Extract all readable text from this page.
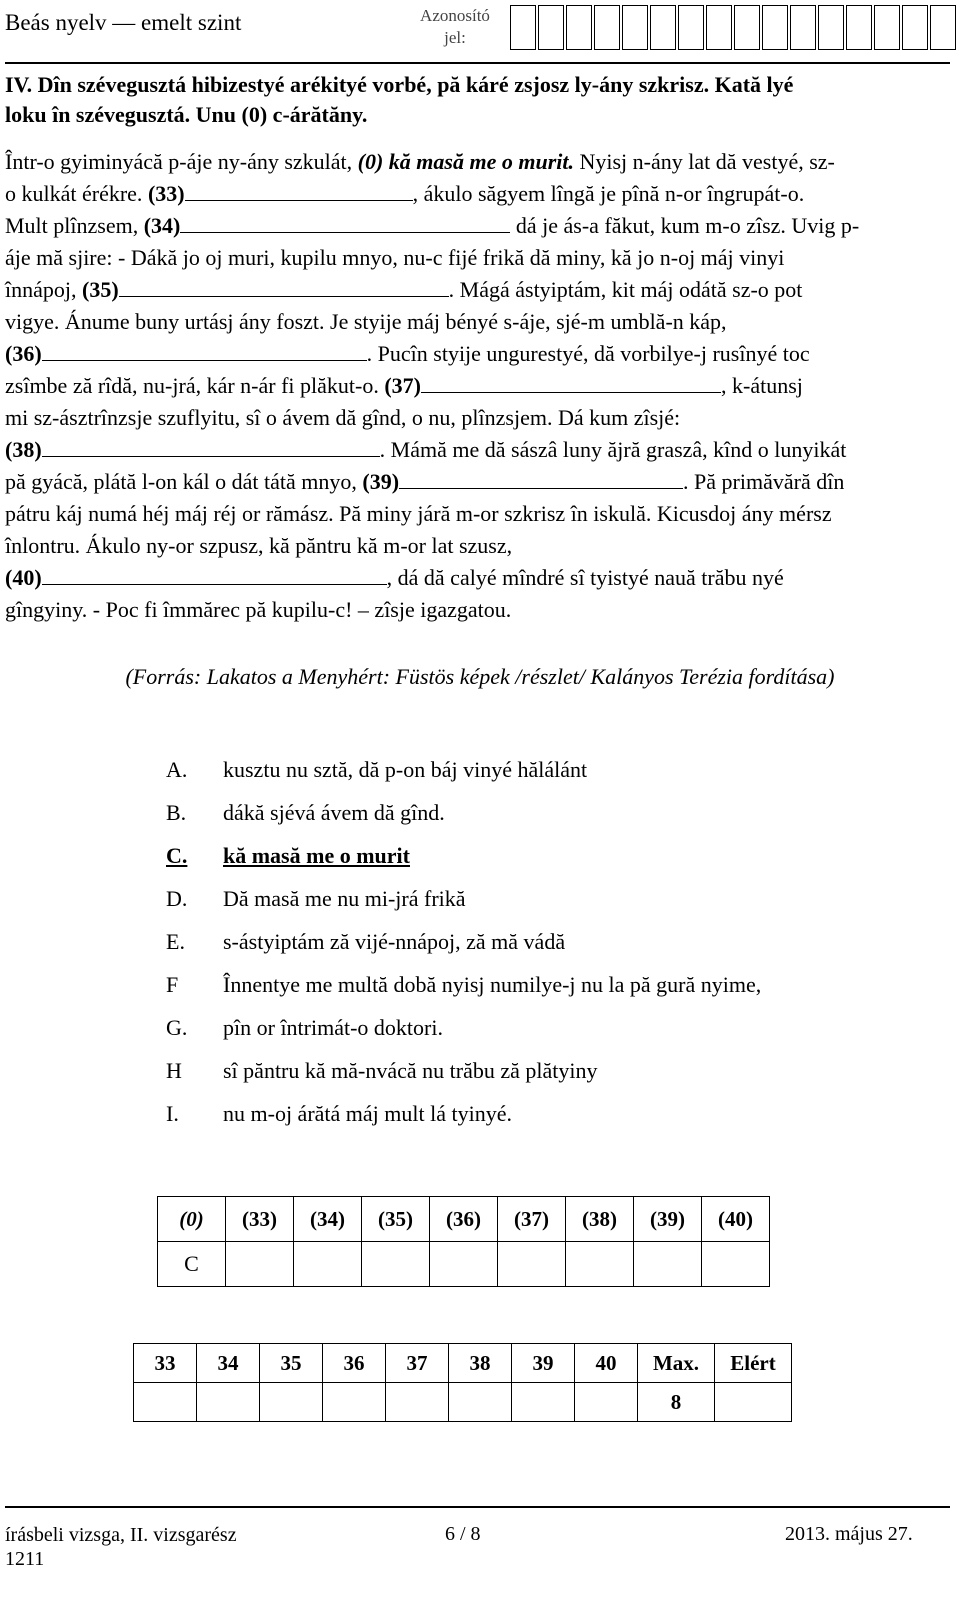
Beás nyelv — emelt szint	Azonosító jel:
IV. Dîn szévegusztá hibizestyé arékityé vorbé, pă káré zsjosz ly-ány szkrisz. Kată lyé
loku în szévegusztá. Unu (0) c-árătăny.
Într-o gyiminyácă p-áje ny-ány szkulát, (0) kă masă me o murit. Nyisj n-ány lat dă vestyé, sz-
o kulkát érékre. (33)	, ákulo săgyem lîngă je pînă n-or îngrupát-o.
Mult plînzsem, (34)	dá je ás-a făkut, kum m-o zîsz. Uvig p-
áje mă sjire: - Dákă jo oj muri, kupilu mnyo, nu-c fijé frikă dă miny, kă jo n-oj máj vinyi
înnápoj, (35)	. Mágá ástyiptám, kit máj odátă sz-o pot
vigye. Ánume buny urtásj ány foszt. Je styije máj bényé s-áje, sjé-m umblă-n káp,
(36)	. Pucîn styije ungurestyé, dă vorbilye-j rusînyé toc
zsîmbe ză rîdă, nu-jrá, kár n-ár fi plăkut-o. (37)	, k-átunsj
mi sz-ásztrînzsje szuflyitu, sî o ávem dă gînd, o nu, plînzsjem. Dá kum zîsjé:
(38)	. Mámă me dă sászâ luny ăjră graszâ, kînd o lunyikát
pă gyácă, plátă l-on kál o dát tátă mnyo, (39)	. Pă primăvără dîn
pátru káj numá héj máj réj or rămász. Pă miny járă m-or szkrisz în iskulă. Kicusdoj ány mérsz
înlontru. Ákulo ny-or szpusz, kă păntru kă m-or lat szusz,
(40)	, dá dă calyé mîndré sî tyistyé nauă trăbu nyé
gîngyiny. - Poc fi îmmărec pă kupilu-c! – zîsje igazgatou.
(Forrás: Lakatos a Menyhért: Füstös képek /részlet/ Kalányos Terézia fordítása)
A.	kusztu nu sztă, dă p-on báj vinyé hălálánt
B.	dákă sjévá ávem dă gînd.
C.	kă masă me o murit
D.	Dă masă me nu mi-jrá frikă
E.	s-ástyiptám ză vijé-nnápoj, ză mă vádă
F	Înnentye me multă dobă nyisj numilye-j nu la pă gură nyime,
G.	pîn or întrimát-o doktori.
H	sî păntru kă mă-nvácă nu trăbu ză plătyiny
I.	nu m-oj árătá máj mult lá tyinyé.
(0)	(33)	(34)	(35)	(36)	(37)	(38)	(39)	(40)
C								
33	34	35	36	37	38	39	40	Max.	Elért
								8	
írásbeli vizsga, II. vizsgarész
1211
6 / 8	2013. május 27.
